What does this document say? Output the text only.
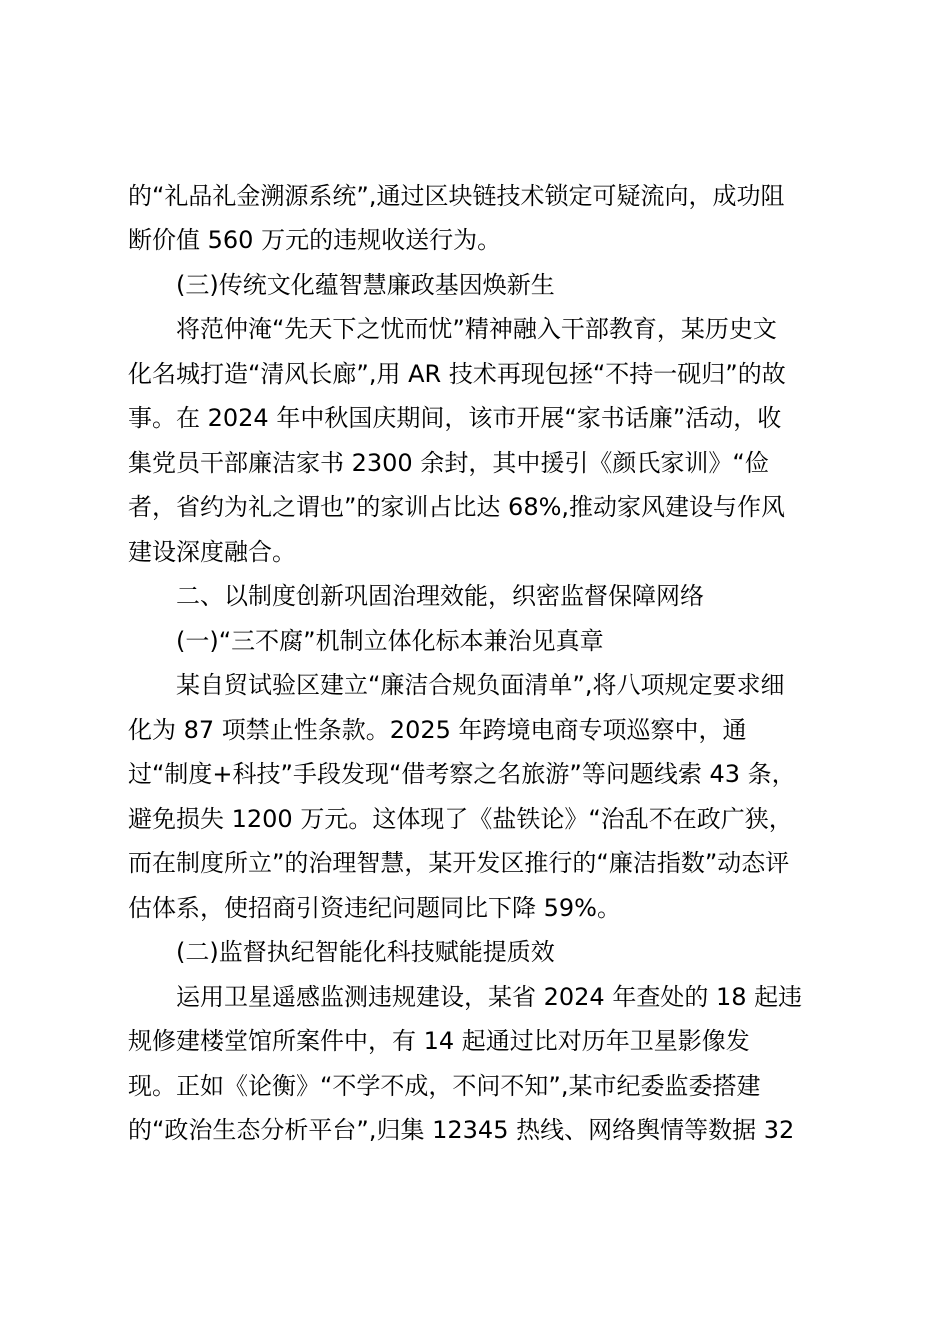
的“礼品礼金溯源系统”,通过区块链技术锁定可疑流向，成功阻
断价值 560 万元的违规收送行为。
(三)传统文化蕴智慧廉政基因焕新生
将范仲淹“先天下之忧而忧”精神融入干部教育，某历史文
化名城打造“清风长廊”,用 AR 技术再现包拯“不持一砚归”的故
事。在 2024 年中秋国庆期间，该市开展“家书话廉”活动，收
集党员干部廉洁家书 2300 余封，其中援引《颜氏家训》“俭
者，省约为礼之谓也”的家训占比达 68%,推动家风建设与作风
建设深度融合。
二、以制度创新巩固治理效能，织密监督保障网络
(一)“三不腐”机制立体化标本兼治见真章
某自贸试验区建立“廉洁合规负面清单”,将八项规定要求细
化为 87 项禁止性条款。2025 年跨境电商专项巡察中，通
过“制度+科技”手段发现“借考察之名旅游”等问题线索 43 条，
避免损失 1200 万元。这体现了《盐铁论》“治乱不在政广狭，
而在制度所立”的治理智慧，某开发区推行的“廉洁指数”动态评
估体系，使招商引资违纪问题同比下降 59%。
(二)监督执纪智能化科技赋能提质效
运用卫星遥感监测违规建设，某省 2024 年查处的 18 起违
规修建楼堂馆所案件中，有 14 起通过比对历年卫星影像发
现。正如《论衡》“不学不成，不问不知”,某市纪委监委搭建
的“政治生态分析平台”,归集 12345 热线、网络舆情等数据 32
